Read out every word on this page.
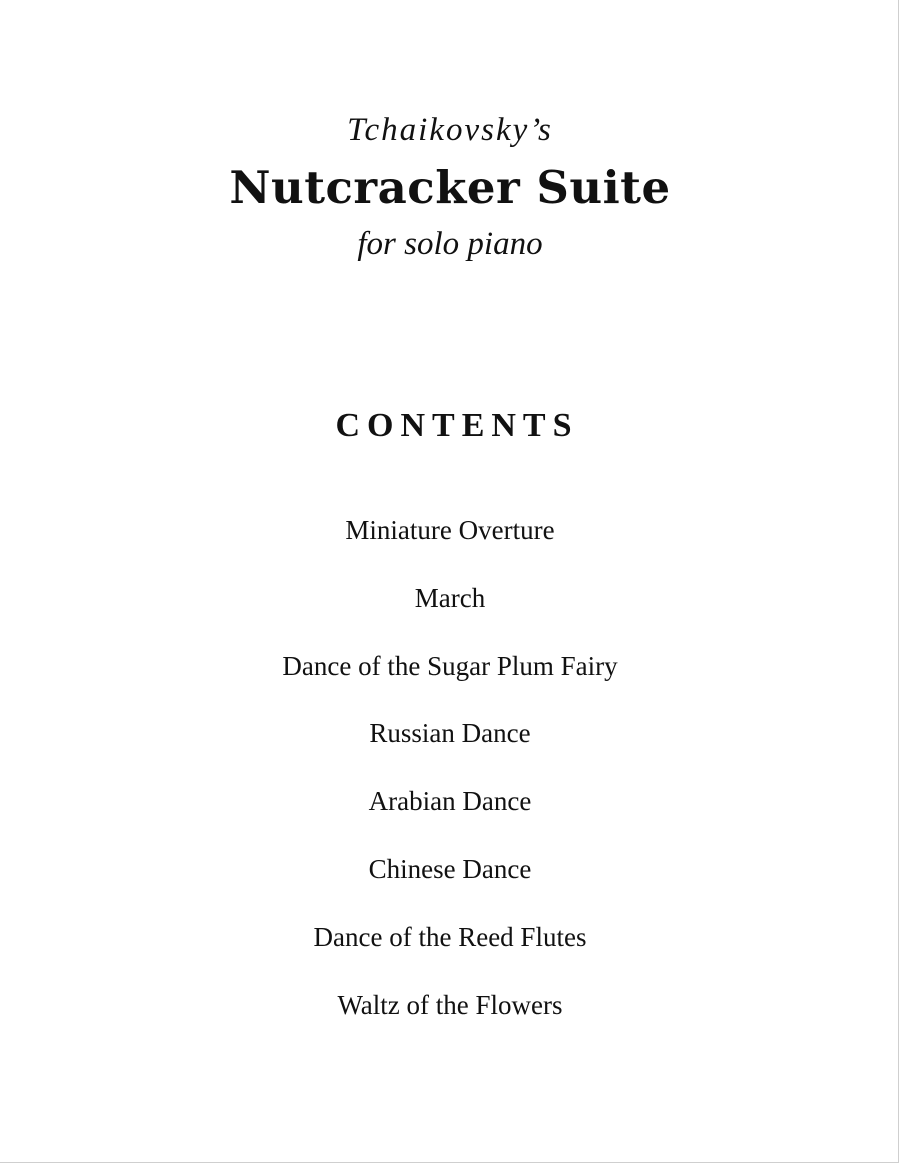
Tchaikovsky’s
Nutcracker Suite
for solo piano
CONTENTS
Miniature Overture
March
Dance of the Sugar Plum Fairy
Russian Dance
Arabian Dance
Chinese Dance
Dance of the Reed Flutes
Waltz of the Flowers
